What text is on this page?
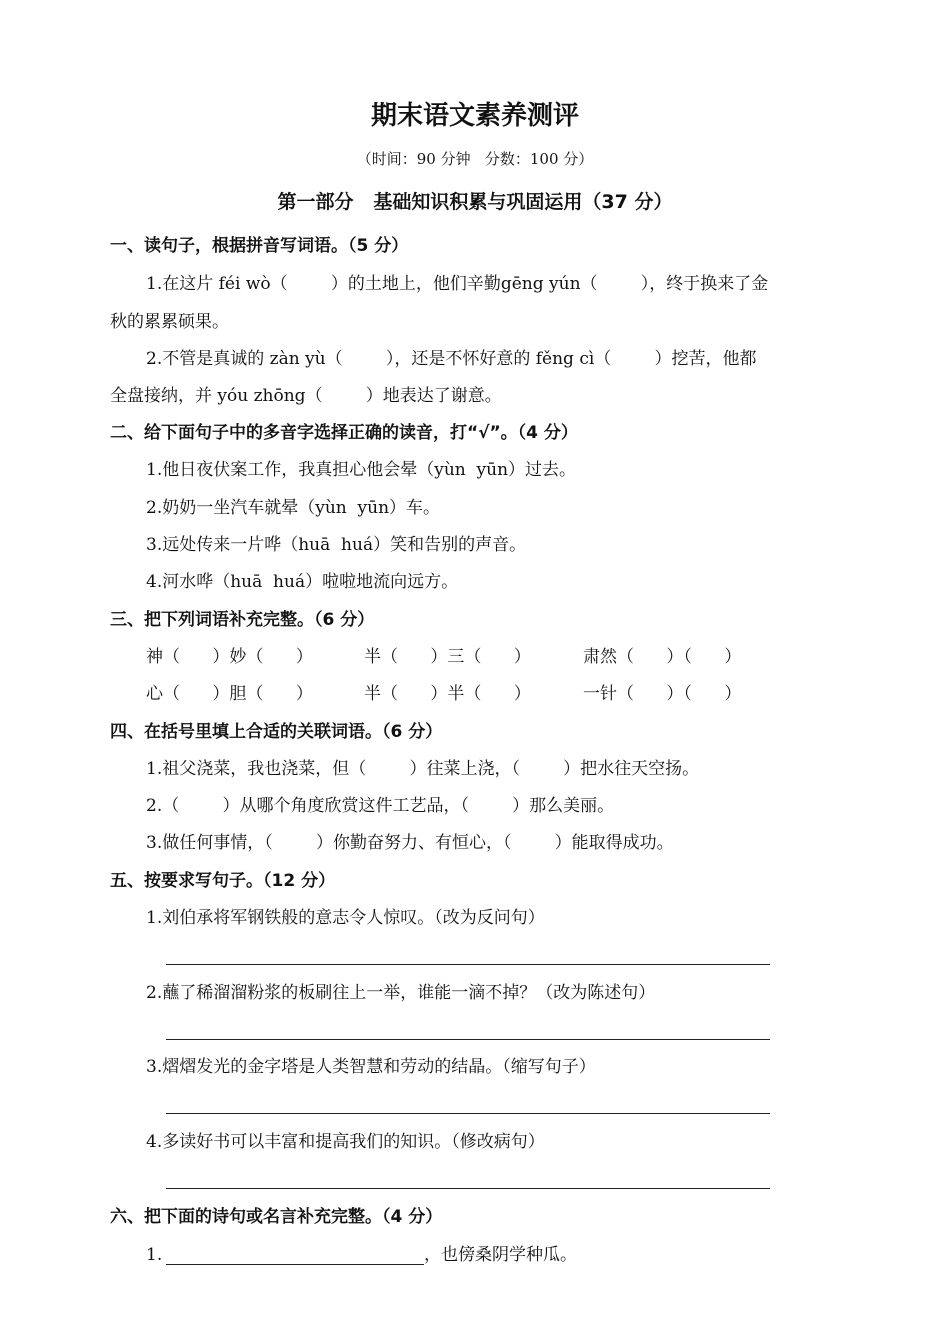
期末语文素养测评
（时间：90 分钟   分数：100 分）
第一部分   基础知识积累与巩固运用（37 分）
一、读句子，根据拼音写词语。（5 分）
1.在这片 féi wò（        ）的土地上，他们辛勤gēng yún（        ），终于换来了金
秋的累累硕果。
2.不管是真诚的 zàn yù（        ），还是不怀好意的 fěng cì（        ）挖苦，他都
全盘接纳，并 yóu zhōng（        ）地表达了谢意。
二、给下面句子中的多音字选择正确的读音，打“√”。（4 分）
1.他日夜伏案工作，我真担心他会晕（yùn  yūn）过去。
2.奶奶一坐汽车就晕（yùn  yūn）车。
3.远处传来一片哗（huā  huá）笑和告别的声音。
4.河水哗（huā  huá）啦啦地流向远方。
三、把下列词语补充完整。（6 分）
神（      ）妙（      ）	半（      ）三（      ）	肃然（      ）（      ）
心（      ）胆（      ）	半（      ）半（      ）	一针（      ）（      ）
四、在括号里填上合适的关联词语。（6 分）
1.祖父浇菜，我也浇菜，但（        ）往菜上浇，（        ）把水往天空扬。
2.（        ）从哪个角度欣赏这件工艺品，（        ）那么美丽。
3.做任何事情，（        ）你勤奋努力、有恒心，（        ）能取得成功。
五、按要求写句子。（12 分）
1.刘伯承将军钢铁般的意志令人惊叹。（改为反问句）
2.蘸了稀溜溜粉浆的板刷往上一举，谁能一滴不掉？（改为陈述句）
3.熠熠发光的金字塔是人类智慧和劳动的结晶。（缩写句子）
4.多读好书可以丰富和提高我们的知识。（修改病句）
六、把下面的诗句或名言补充完整。（4 分）
1.	，也傍桑阴学种瓜。
